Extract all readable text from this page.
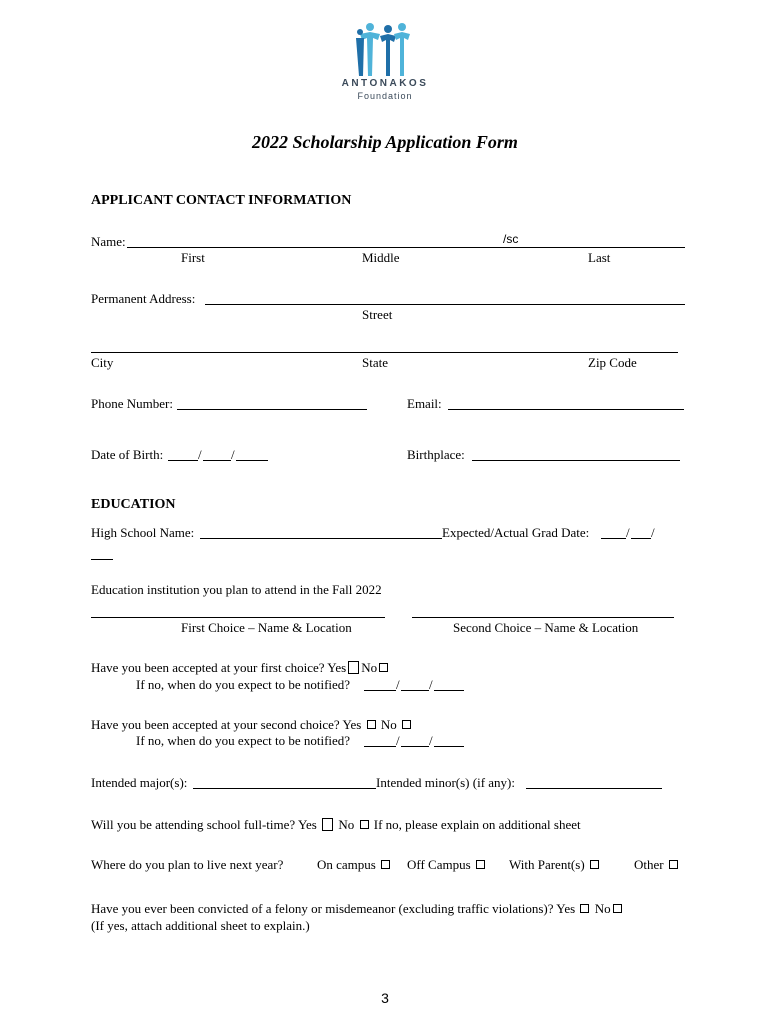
ANTONAKOS
Foundation
2022 Scholarship Application Form
APPLICANT CONTACT INFORMATION
Name:	/sc
First	Middle	Last
Permanent Address:
Street
City	State	Zip Code
Phone Number:	Email:
Date of Birth:	/ /	Birthplace:
EDUCATION
High School Name:	Expected/Actual Grad Date:	/ /
Education institution you plan to attend in the Fall 2022
First Choice – Name & Location	Second Choice – Name & Location
Have you been accepted at your first choice? Yes No
If no, when do you expect to be notified?	/ /
Have you been accepted at your second choice? Yes No
If no, when do you expect to be notified?	/ /
Intended major(s):	Intended minor(s) (if any):
Will you be attending school full-time? Yes No If no, please explain on additional sheet
Where do you plan to live next year?	On campus	Off Campus	With Parent(s)	Other
Have you ever been convicted of a felony or misdemeanor (excluding traffic violations)? Yes No
(If yes, attach additional sheet to explain.)
3
